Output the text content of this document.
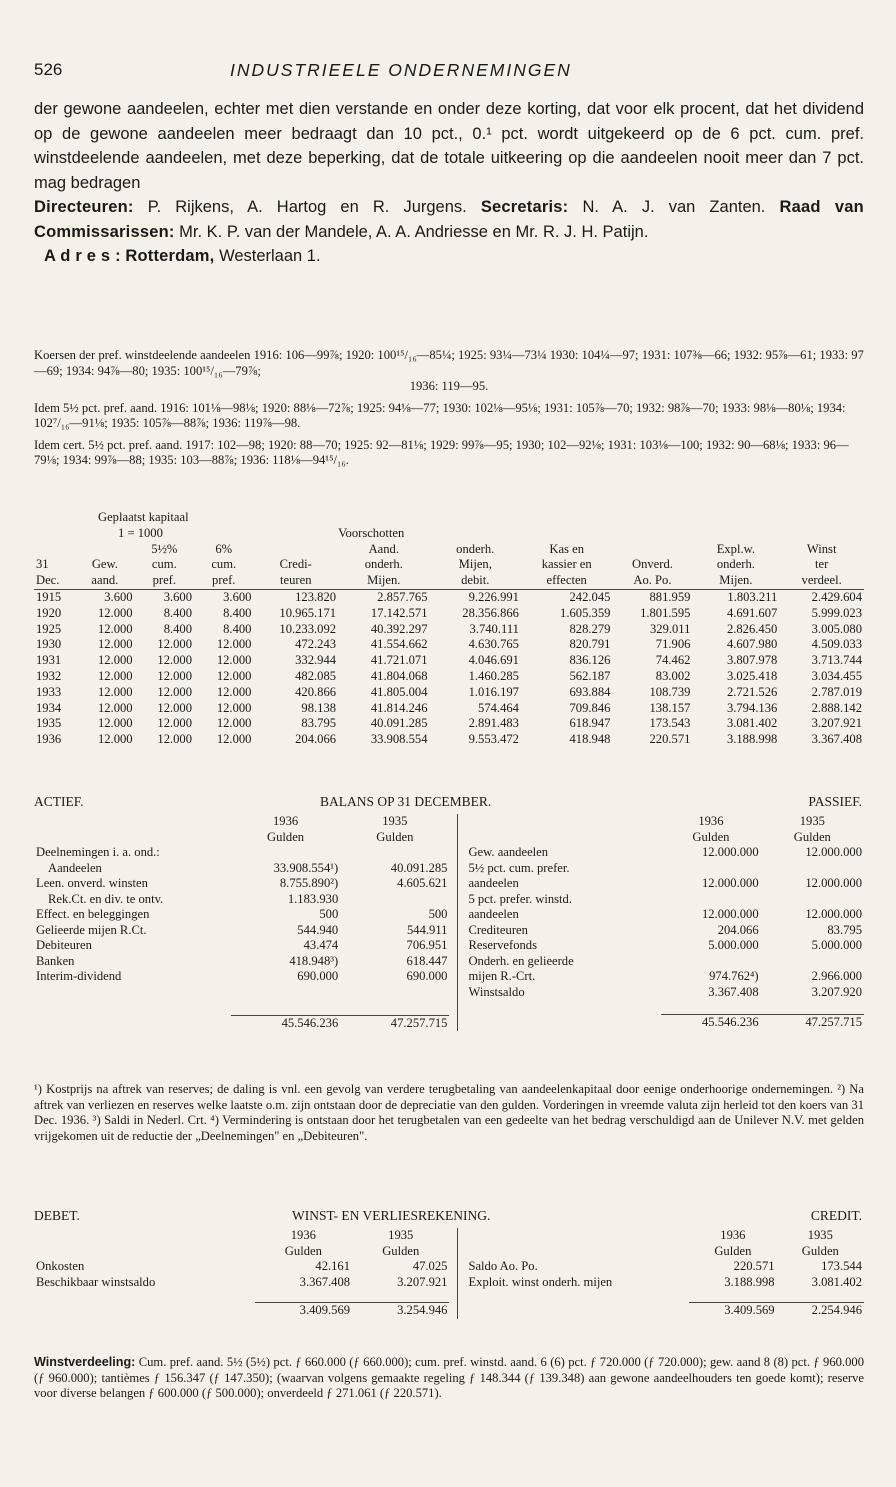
526	INDUSTRIEELE ONDERNEMINGEN

der gewone aandeelen, echter met dien verstande en onder deze korting, dat voor elk procent, dat het dividend op de gewone aandeelen meer bedraagt dan 10 pct., 0.¹ pct. wordt uitgekeerd op de 6 pct. cum. pref. winstdeelende aandeelen, met deze beperking, dat de totale uitkeering op die aandeelen nooit meer dan 7 pct. mag bedragen

Directeuren: P. Rijkens, A. Hartog en R. Jurgens. Secretaris: N. A. J. van Zanten. Raad van Commissarissen: Mr. K. P. van der Mandele, A. A. Andriesse en Mr. R. J. H. Patijn.

A d r e s : Rotterdam, Westerlaan 1.

Koersen der pref. winstdeelende aandeelen 1916: 106—99⅞; 1920: 100¹⁵/₁₆—85¼; 1925: 93¼—73¼ 1930: 104¼—97; 1931: 107⅜—66; 1932: 95⅞—61; 1933: 97—69; 1934: 94⅞—80; 1935: 100¹⁵/₁₆—79⅞;
1936: 119—95.

Idem 5½ pct. pref. aand. 1916: 101⅛—98⅛; 1920: 88⅛—72⅞; 1925: 94⅛—77; 1930: 102⅛—95⅛; 1931: 105⅞—70; 1932: 98⅞—70; 1933: 98⅛—80⅛; 1934: 102⁷/₁₆—91⅛; 1935: 105⅞—88⅞; 1936: 119⅞—98.

Idem cert. 5½ pct. pref. aand. 1917: 102—98; 1920: 88—70; 1925: 92—81⅛; 1929: 99⅞—95; 1930; 102—92⅛; 1931: 103⅛—100; 1932: 90—68⅛; 1933: 96—79⅛; 1934: 99⅞—88; 1935: 103—88⅞; 1936: 118⅛—94¹⁵/₁₆.

Geplaatst kapitaal										
1 = 1000					Voorschotten					
		5½%	6%		Aand.	onderh.	Kas en		Expl.w.	Winst
31	Gew.	cum.	cum.	Credi-	onderh.	Mijen,	kassier en	Onverd.	onderh.	ter
Dec.	aand.	pref.	pref.	teuren	Mijen.	debit.	effecten	Ao. Po.	Mijen.	verdeel.
1915	3.600	3.600	3.600	123.820	2.857.765	9.226.991	242.045	881.959	1.803.211	2.429.604
1920	12.000	8.400	8.400	10.965.171	17.142.571	28.356.866	1.605.359	1.801.595	4.691.607	5.999.023
1925	12.000	8.400	8.400	10.233.092	40.392.297	3.740.111	828.279	329.011	2.826.450	3.005.080
1930	12.000	12.000	12.000	472.243	41.554.662	4.630.765	820.791	71.906	4.607.980	4.509.033
1931	12.000	12.000	12.000	332.944	41.721.071	4.046.691	836.126	74.462	3.807.978	3.713.744
1932	12.000	12.000	12.000	482.085	41.804.068	1.460.285	562.187	83.002	3.025.418	3.034.455
1933	12.000	12.000	12.000	420.866	41.805.004	1.016.197	693.884	108.739	2.721.526	2.787.019
1934	12.000	12.000	12.000	98.138	41.814.246	574.464	709.846	138.157	3.794.136	2.888.142
1935	12.000	12.000	12.000	83.795	40.091.285	2.891.483	618.947	173.543	3.081.402	3.207.921
1936	12.000	12.000	12.000	204.066	33.908.554	9.553.472	418.948	220.571	3.188.998	3.367.408
ACTIEF.	BALANS OP 31 DECEMBER.	PASSIEF.
	1936	1935
	Gulden	Gulden
Deelnemingen i. a. ond.:		
Aandeelen	33.908.554¹)	40.091.285
Leen. onverd. winsten	8.755.890²)	4.605.621
Rek.Ct. en div. te ontv.	1.183.930	
Effect. en beleggingen	500	500
Gelieerde mijen R.Ct.	544.940	544.911
Debiteuren	43.474	706.951
Banken	418.948³)	618.447
Interim-dividend	690.000	690.000

	45.546.236	47.257.715
	1936	1935
	Gulden	Gulden
Gew. aandeelen	12.000.000	12.000.000
5½ pct. cum. prefer.		
aandeelen	12.000.000	12.000.000
5 pct. prefer. winstd.		
aandeelen	12.000.000	12.000.000
Crediteuren	204.066	83.795
Reservefonds	5.000.000	5.000.000
Onderh. en gelieerde		
mijen R.-Crt.	974.762⁴)	2.966.000
Winstsaldo	3.367.408	3.207.920

	45.546.236	47.257.715
¹) Kostprijs na aftrek van reserves; de daling is vnl. een gevolg van verdere terugbetaling van aandeelenkapitaal door eenige onderhoorige ondernemingen. ²) Na aftrek van verliezen en reserves welke laatste o.m. zijn ontstaan door de depreciatie van den gulden. Vorderingen in vreemde valuta zijn herleid tot den koers van 31 Dec. 1936. ³) Saldi in Nederl. Crt. ⁴) Vermindering is ontstaan door het terugbetalen van een gedeelte van het bedrag verschuldigd aan de Unilever N.V. met gelden vrijgekomen uit de reductie der „Deelnemingen" en „Debiteuren".
DEBET.	WINST- EN VERLIESREKENING.	CREDIT.
	1936	1935
	Gulden	Gulden
Onkosten	42.161	47.025
Beschikbaar winstsaldo	3.367.408	3.207.921

	3.409.569	3.254.946
	1936	1935
	Gulden	Gulden
Saldo Ao. Po.	220.571	173.544
Exploit. winst onderh. mijen	3.188.998	3.081.402

	3.409.569	2.254.946
Winstverdeeling: Cum. pref. aand. 5½ (5½) pct. ƒ 660.000 (ƒ 660.000); cum. pref. winstd. aand. 6 (6) pct. ƒ 720.000 (ƒ 720.000); gew. aand 8 (8) pct. ƒ 960.000 (ƒ 960.000); tantièmes ƒ 156.347 (ƒ 147.350); (waarvan volgens gemaakte regeling ƒ 148.344 (ƒ 139.348) aan gewone aandeelhouders ten goede komt); reserve voor diverse belangen ƒ 600.000 (ƒ 500.000); onverdeeld ƒ 271.061 (ƒ 220.571).
